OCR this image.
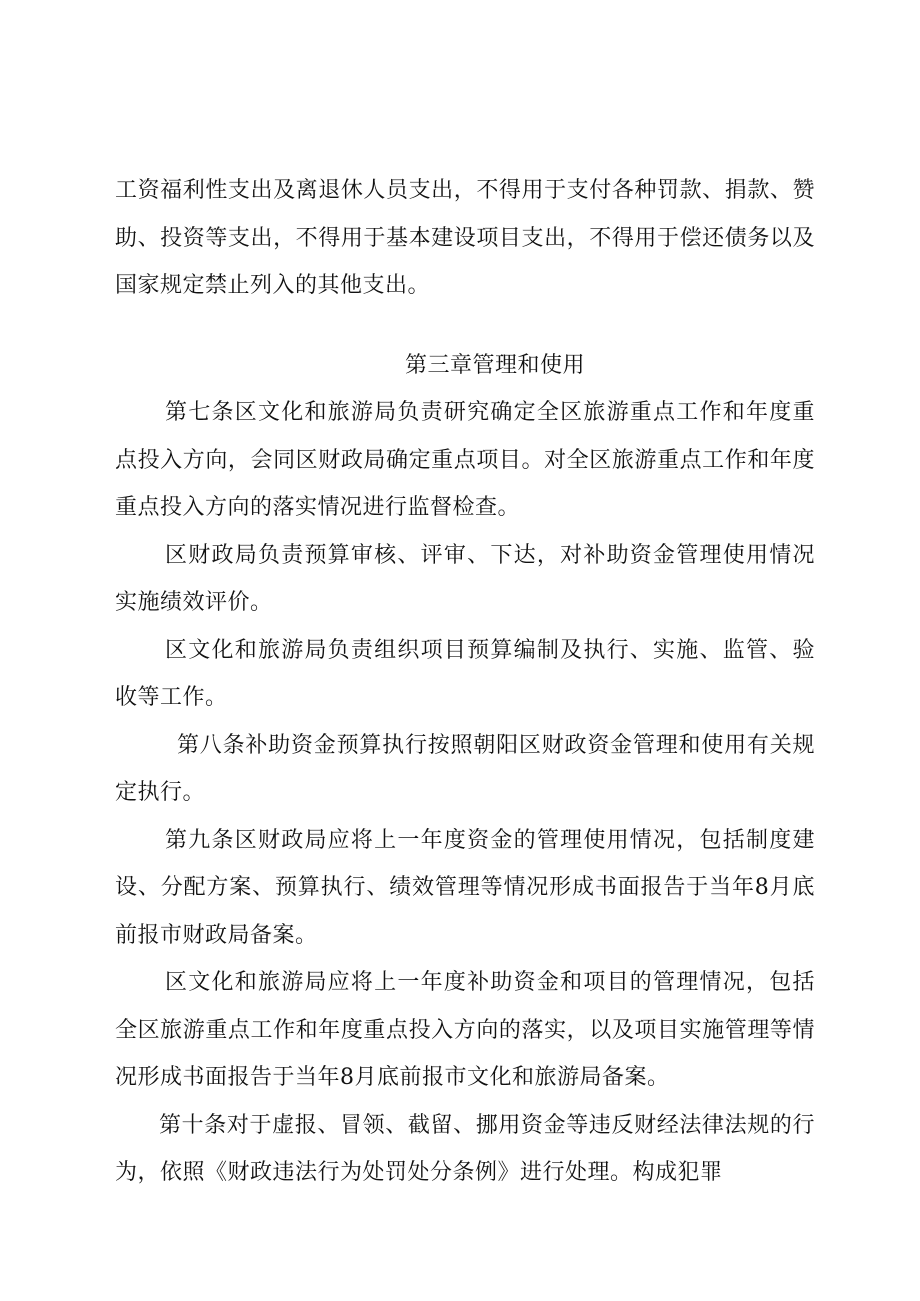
工资福利性支出及离退休人员支出，不得用于支付各种罚款、捐款、赞助、投资等支出，不得用于基本建设项目支出，不得用于偿还债务以及国家规定禁止列入的其他支出。

第三章管理和使用

第七条区文化和旅游局负责研究确定全区旅游重点工作和年度重点投入方向，会同区财政局确定重点项目。对全区旅游重点工作和年度重点投入方向的落实情况进行监督检查。

区财政局负责预算审核、评审、下达，对补助资金管理使用情况实施绩效评价。

区文化和旅游局负责组织项目预算编制及执行、实施、监管、验收等工作。

第八条补助资金预算执行按照朝阳区财政资金管理和使用有关规定执行。

第九条区财政局应将上一年度资金的管理使用情况，包括制度建设、分配方案、预算执行、绩效管理等情况形成书面报告于当年8月底前报市财政局备案。

区文化和旅游局应将上一年度补助资金和项目的管理情况，包括全区旅游重点工作和年度重点投入方向的落实，以及项目实施管理等情况形成书面报告于当年8月底前报市文化和旅游局备案。

第十条对于虚报、冒领、截留、挪用资金等违反财经法律法规的行为，依照《财政违法行为处罚处分条例》进行处理。构成犯罪
